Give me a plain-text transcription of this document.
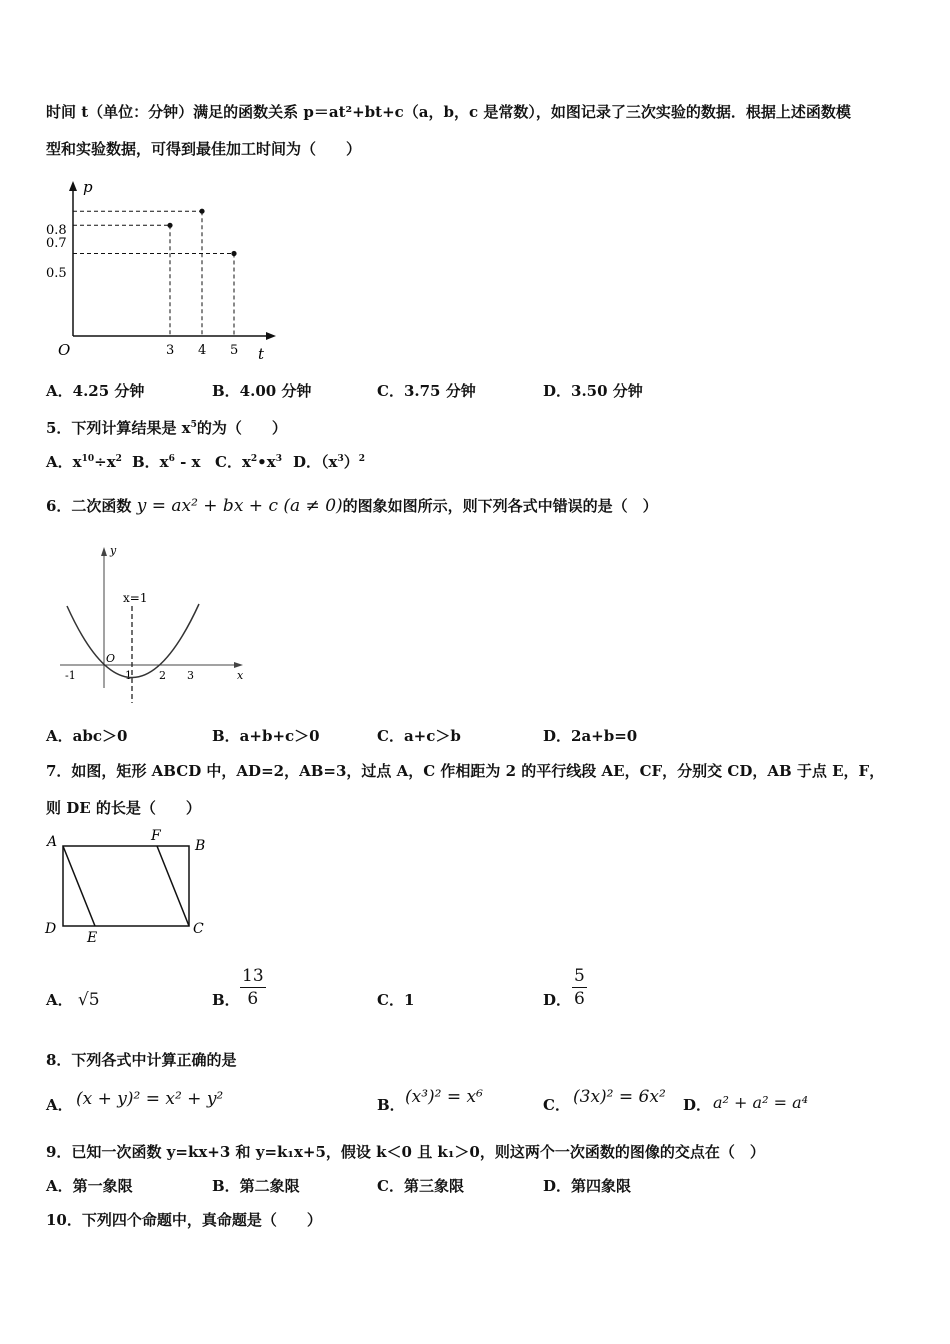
时间 t（单位：分钟）满足的函数关系 p＝at²+bt+c（a，b，c 是常数），如图记录了三次实验的数据．根据上述函数模
型和实验数据，可得到最佳加工时间为（　　）
p
t
O
0.8
0.7
0.5
3 4 5
A．4.25 分钟	B．4.00 分钟	C．3.75 分钟	D．3.50 分钟
5．下列计算结果是 $x^5$的为（　　）
A．$x^{10}\div x^2$ B．$x^6$ - x C．$x^2•x^3$ D．$(x^3)^2$
6．二次函数 y = ax² + bx + c (a ≠ 0)的图象如图所示，则下列各式中错误的是（　）
y
x
O
x=1
-1	1 2 3
A．abc＞0	B．a+b+c＞0	C．a+c＞b	D．2a+b=0
7．如图，矩形 ABCD 中，AD=2，AB=3，过点 A，C 作相距为 2 的平行线段 AE，CF，分别交 CD，AB 于点 E，F，
则 DE 的长是（　　）
A	B
C
D
E
F
A． √5	B． $\frac{13}{6}$	C．1	D． $\frac{5}{6}$
8．下列各式中计算正确的是
A． (x + y)² = x² + y²	B． (x³)² = x⁶	C． (3x)² = 6x² D． a² + a² = a⁴
9．已知一次函数 y=kx+3 和 y=k₁x+5，假设 k＜0 且 k₁＞0，则这两个一次函数的图像的交点在（　）
A．第一象限	B．第二象限	C．第三象限	D．第四象限
10．下列四个命题中，真命题是（　　）
